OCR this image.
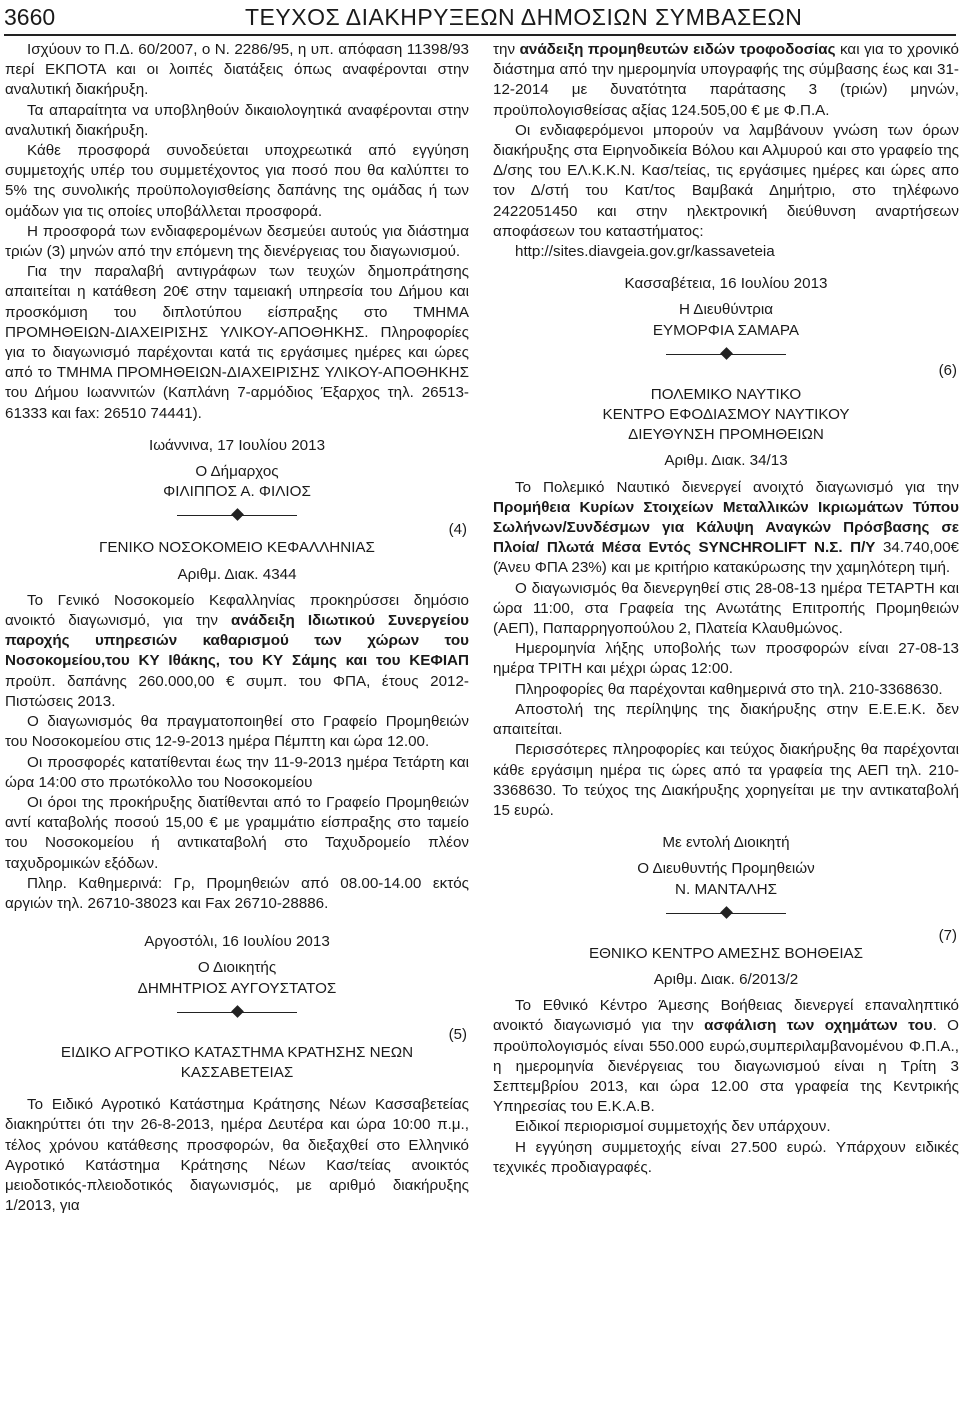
3660	ΤΕΥΧΟΣ ΔΙΑΚΗΡΥΞΕΩΝ ΔΗΜΟΣΙΩΝ ΣΥΜΒΑΣΕΩΝ

Ισχύουν το Π.Δ. 60/2007, ο Ν. 2286/95, η υπ. απόφαση 11398/93 περί ΕΚΠΟΤΑ και οι λοιπές διατάξεις όπως αναφέρονται στην αναλυτική διακήρυξη.

Τα απαραίτητα να υποβληθούν δικαιολογητικά αναφέρονται στην αναλυτική διακήρυξη.

Κάθε προσφορά συνοδεύεται υποχρεωτικά από εγγύηση συμμετοχής υπέρ του συμμετέχοντος για ποσό που θα καλύπτει το 5% της συνολικής προϋπολογισθείσης δαπάνης της ομάδας ή των ομάδων για τις οποίες υποβάλλεται προσφορά.

Η προσφορά των ενδιαφερομένων δεσμεύει αυτούς για διάστημα τριών (3) μηνών από την επόμενη της διενέργειας του διαγωνισμού.

Για την παραλαβή αντιγράφων των τευχών δημοπράτησης απαιτείται η κατάθεση 20€ στην ταμειακή υπηρεσία του Δήμου και προσκόμιση του διπλοτύπου είσπραξης στο ΤΜΗΜΑ ΠΡΟΜΗΘΕΙΩΝ-ΔΙΑΧΕΙΡΙΣΗΣ ΥΛΙΚΟΥ-ΑΠΟΘΗΚΗΣ. Πληροφορίες για το διαγωνισμό παρέχονται κατά τις εργάσιμες ημέρες και ώρες από το ΤΜΗΜΑ ΠΡΟΜΗΘΕΙΩΝ-ΔΙΑΧΕΙΡΙΣΗΣ ΥΛΙΚΟΥ-ΑΠΟΘΗΚΗΣ του Δήμου Ιωαννιτών (Καπλάνη 7-αρμόδιος Έξαρχος τηλ. 26513-61333 και fax: 26510 74441).

Ιωάννινα, 17 Ιουλίου 2013

Ο Δήμαρχος

ΦΙΛΙΠΠΟΣ Α. ΦΙΛΙΟΣ

(4)

ΓΕΝΙΚΟ ΝΟΣΟΚΟΜΕΙΟ ΚΕΦΑΛΛΗΝΙΑΣ

Αριθμ. Διακ. 4344

Το Γενικό Νοσοκομείο Κεφαλληνίας προκηρύσσει δημόσιο ανοικτό διαγωνισμό, για την ανάδειξη Ιδιωτικού Συνεργείου παροχής υπηρεσιών καθαρισμού των χώρων του Νοσοκομείου,του ΚΥ Ιθάκης, του ΚΥ Σάμης και του ΚΕΦΙΑΠ προϋπ. δαπάνης 260.000,00 € συμπ. του ΦΠΑ, έτους 2012-Πιστώσεις 2013.

Ο διαγωνισμός θα πραγματοποιηθεί στο Γραφείο Προμηθειών του Νοσοκομείου στις 12-9-2013 ημέρα Πέμπτη και ώρα 12.00.

Οι προσφορές κατατίθενται έως την 11-9-2013 ημέρα Τετάρτη και ώρα 14:00 στο πρωτόκολλο του Νοσοκομείου

Οι όροι της προκήρυξης διατίθενται από το Γραφείο Προμηθειών αντί καταβολής ποσού 15,00 € με γραμμάτιο είσπραξης στο ταμείο του Νοσοκομείου ή αντικαταβολή στο Ταχυδρομείο πλέον ταχυδρομικών εξόδων.

Πληρ. Καθημερινά: Γρ, Προμηθειών από 08.00-14.00 εκτός αργιών τηλ. 26710-38023 και Fax 26710-28886.

Αργοστόλι, 16 Ιουλίου 2013

Ο Διοικητής

ΔΗΜΗΤΡΙΟΣ ΑΥΓΟΥΣΤΑΤΟΣ

(5)

ΕΙΔΙΚΟ ΑΓΡΟΤΙΚΟ ΚΑΤΑΣΤΗΜΑ ΚΡΑΤΗΣΗΣ ΝΕΩΝ

ΚΑΣΣΑΒΕΤΕΙΑΣ

Το Ειδικό Αγροτικό Κατάστημα Κράτησης Νέων Κασσαβετείας διακηρύττει ότι την 26-8-2013, ημέρα Δευτέρα και ώρα 10:00 π.μ., τέλος χρόνου κατάθεσης προσφορών, θα διεξαχθεί στο Ελληνικό Αγροτικό Κατάστημα Κράτησης Νέων Κασ/τείας ανοικτός μειοδοτικός-πλειοδοτικός διαγωνισμός, με αριθμό διακήρυξης 1/2013, για

την ανάδειξη προμηθευτών ειδών τροφοδοσίας και για το χρονικό διάστημα από την ημερομηνία υπογραφής της σύμβασης έως και 31-12-2014 με δυνατότητα παράτασης 3 (τριών) μηνών, προϋπολογισθείσας αξίας 124.505,00 € με Φ.Π.Α.

Οι ενδιαφερόμενοι μπορούν να λαμβάνουν γνώση των όρων διακήρυξης στα Ειρηνοδικεία Βόλου και Αλμυρού και στο γραφείο της Δ/σης του ΕΛ.Κ.Κ.Ν. Κασ/τείας, τις εργάσιμες ημέρες και ώρες απο τον Δ/στή του Κατ/τος Βαμβακά Δημήτριο, στο τηλέφωνο 2422051450 και στην ηλεκτρονική διεύθυνση αναρτήσεων αποφάσεων του καταστήματος:

http://sites.diavgeia.gov.gr/kassaveteia

Κασσαβέτεια, 16 Ιουλίου 2013

Η Διευθύντρια

ΕΥΜΟΡΦΙΑ ΣΑΜΑΡΑ

(6)

ΠΟΛΕΜΙΚΟ ΝΑΥΤΙΚΟ

ΚΕΝΤΡΟ ΕΦΟΔΙΑΣΜΟΥ ΝΑΥΤΙΚΟΥ

ΔΙΕΥΘΥΝΣΗ ΠΡΟΜΗΘΕΙΩΝ

Αριθμ. Διακ. 34/13

Το Πολεμικό Ναυτικό διενεργεί ανοιχτό διαγωνισμό για την Προμήθεια Κυρίων Στοιχείων Μεταλλικών Ικριωμάτων Τύπου Σωλήνων/Συνδέσμων για Κάλυψη Αναγκών Πρόσβασης σε Πλοία/ Πλωτά Μέσα Εντός SYNCHROLIFT Ν.Σ. Π/Υ 34.740,00€ (Άνευ ΦΠΑ 23%) και με κριτήριο κατακύρωσης την χαμηλότερη τιμή.

Ο διαγωνισμός θα διενεργηθεί στις 28-08-13 ημέρα ΤΕΤΑΡΤΗ και ώρα 11:00, στα Γραφεία της Ανωτάτης Επιτροπής Προμηθειών (ΑΕΠ), Παπαρρηγοπούλου 2, Πλατεία Κλαυθμώνος.

Ημερομηνία λήξης υποβολής των προσφορών είναι 27-08-13 ημέρα ΤΡΙΤΗ και μέχρι ώρας 12:00.

Πληροφορίες θα παρέχονται καθημερινά στο τηλ. 210-3368630.

Αποστολή της περίληψης της διακήρυξης στην Ε.Ε.Ε.Κ. δεν απαιτείται.

Περισσότερες πληροφορίες και τεύχος διακήρυξης θα παρέχονται κάθε εργάσιμη ημέρα τις ώρες από τα γραφεία της ΑΕΠ τηλ. 210-3368630. Το τεύχος της Διακήρυξης χορηγείται με την αντικαταβολή 15 ευρώ.

Με εντολή Διοικητή

Ο Διευθυντής Προμηθειών

Ν. ΜΑΝΤΑΛΗΣ

(7)

ΕΘΝΙΚΟ ΚΕΝΤΡΟ ΑΜΕΣΗΣ ΒΟΗΘΕΙΑΣ

Αριθμ. Διακ. 6/2013/2

Το Εθνικό Κέντρο Άμεσης Βοήθειας διενεργεί επαναληπτικό ανοικτό διαγωνισμό για την ασφάλιση των οχημάτων του. Ο προϋπολογισμός είναι 550.000 ευρώ,συμπεριλαμβανομένου Φ.Π.Α., η ημερομηνία διενέργειας του διαγωνισμού είναι η Τρίτη 3 Σεπτεμβρίου 2013, και ώρα 12.00 στα γραφεία της Κεντρικής Υπηρεσίας του Ε.Κ.Α.Β.

Ειδικοί περιορισμοί συμμετοχής δεν υπάρχουν.

Η εγγύηση συμμετοχής είναι 27.500 ευρώ. Υπάρχουν ειδικές τεχνικές προδιαγραφές.
